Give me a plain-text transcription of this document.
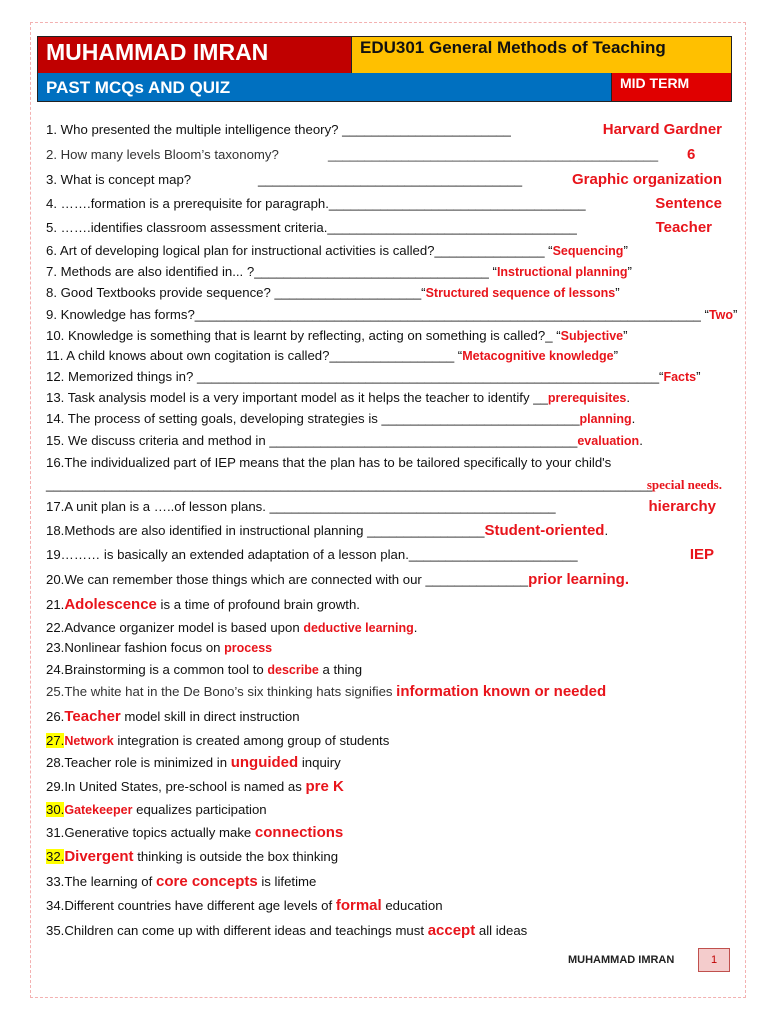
MUHAMMAD IMRAN	EDU301 General Methods of Teaching
PAST MCQs AND QUIZ	MID TERM
1. Who presented the multiple intelligence theory? _______________________	Harvard Gardner
2. How many levels Bloom’s taxonomy?	_____________________________________________ 6
3. What is concept map?	____________________________________	Graphic organization
4. …….formation is a prerequisite for paragraph.___________________________________	Sentence
5. …….identifies classroom assessment criteria.__________________________________	Teacher
6. Art of developing logical plan for instructional activities is called?_______________ “Sequencing”
7. Methods are also identified in... ?________________________________ “Instructional planning”
8. Good Textbooks provide sequence? ____________________“Structured sequence of lessons”
9. Knowledge has forms?_____________________________________________________________________ “Two”
10. Knowledge is something that is learnt by reflecting, acting on something is called?_ “Subjective”
11. A child knows about own cogitation is called?_________________ “Metacognitive knowledge”
12. Memorized things in? _______________________________________________________________“Facts”
13. Task analysis model is a very important model as it helps the teacher to identify __prerequisites.
14. The process of setting goals, developing strategies is ___________________________planning.
15. We discuss criteria and method in __________________________________________evaluation.
16.The individualized part of IEP means that the plan has to be tailored specifically to your child's
___________________________________________________________________________________
special needs.
17.A unit plan is a …..of lesson plans. _______________________________________	hierarchy
18.Methods are also identified in instructional planning ________________Student-oriented.
19……… is basically an extended adaptation of a lesson plan._______________________	IEP
20.We can remember those things which are connected with our ______________prior learning.
21.Adolescence is a time of profound brain growth.
22.Advance organizer model is based upon deductive learning.
23.Nonlinear fashion focus on process
24.Brainstorming is a common tool to describe a thing
25.The white hat in the De Bono’s six thinking hats signifies information known or needed
26.Teacher model skill in direct instruction
27.Network integration is created among group of students
28.Teacher role is minimized in unguided inquiry
29.In United States, pre-school is named as pre K
30.Gatekeeper equalizes participation
31.Generative topics actually make connections
32.Divergent thinking is outside the box thinking
33.The learning of core concepts is lifetime
34.Different countries have different age levels of formal education
35.Children can come up with different ideas and teachings must accept all ideas
MUHAMMAD IMRAN	1
